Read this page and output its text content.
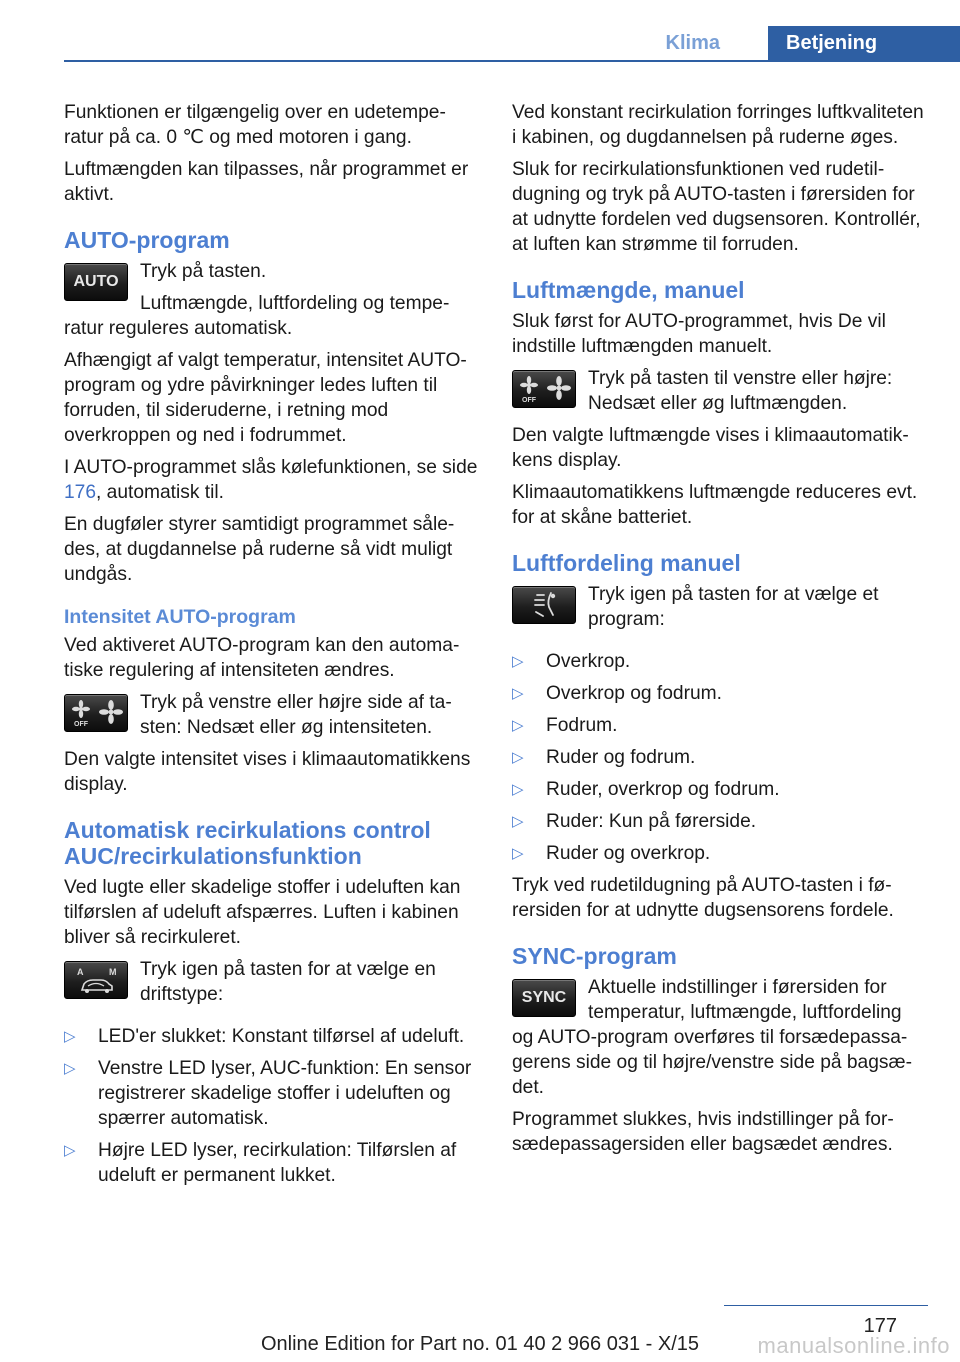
Klima	Betjening

Funktionen er tilgængelig over en udetemperatur på ca. 0 ℃ og med motoren i gang.

Luftmængden kan tilpasses, når programmet er aktivt.

AUTO-program
AUTO	Tryk på tasten.

Luftmængde, luftfordeling og temperatur reguleres automatisk.

Afhængigt af valgt temperatur, intensitet AUTO-program og ydre påvirkninger ledes luften til forruden, til sideruderne, i retning mod overkroppen og ned i fodrummet.

I AUTO-programmet slås kølefunktionen, se side 176, automatisk til.

En dugføler styrer samtidigt programmet således, at dugdannelse på ruderne så vidt muligt undgås.

Intensitet AUTO-program

Ved aktiveret AUTO-program kan den automatiske regulering af intensiteten ændres.

OFF

Tryk på venstre eller højre side af tasten: Nedsæt eller øg intensiteten.

Den valgte intensitet vises i klimaautomatikkens display.

Automatisk recirkulations control AUC/recirkulationsfunktion

Ved lugte eller skadelige stoffer i udeluften kan tilførslen af udeluft afspærres. Luften i kabinen bliver så recirkuleret.

A	M	Tryk igen på tasten for at vælge en driftstype:

▷ LED'er slukket: Konstant tilførsel af udeluft.
▷ Venstre LED lyser, AUC-funktion: En sensor registrerer skadelige stoffer i udeluften og spærrer automatisk.
▷ Højre LED lyser, recirkulation: Tilførslen af udeluft er permanent lukket.

Ved konstant recirkulation forringes luftkvaliteten i kabinen, og dugdannelsen på ruderne øges.

Sluk for recirkulationsfunktionen ved rudetildugning og tryk på AUTO-tasten i førersiden for at udnytte fordelen ved dugsensoren. Kontrollér, at luften kan strømme til forruden.

Luftmængde, manuel

Sluk først for AUTO-programmet, hvis De vil indstille luftmængden manuelt.

OFF

Tryk på tasten til venstre eller højre: Nedsæt eller øg luftmængden.

Den valgte luftmængde vises i klimaautomatikkens display.

Klimaautomatikkens luftmængde reduceres evt. for at skåne batteriet.

Luftfordeling manuel

Tryk igen på tasten for at vælge et program:

▷ Overkrop.
▷ Overkrop og fodrum.
▷ Fodrum.
▷ Ruder og fodrum.
▷ Ruder, overkrop og fodrum.
▷ Ruder: Kun på førerside.
▷ Ruder og overkrop.

Tryk ved rudetildugning på AUTO-tasten i førersiden for at udnytte dugsensorens fordele.

SYNC-program
SYNC	Aktuelle indstillinger i førersiden for temperatur, luftmængde, luftfordeling og AUTO-program overføres til forsædepassagerens side og til højre/venstre side på bagsædet.

Programmet slukkes, hvis indstillinger på forsædepassagersiden eller bagsædet ændres.

177
Online Edition for Part no. 01 40 2 966 031 - X/15	manualsonline.info
